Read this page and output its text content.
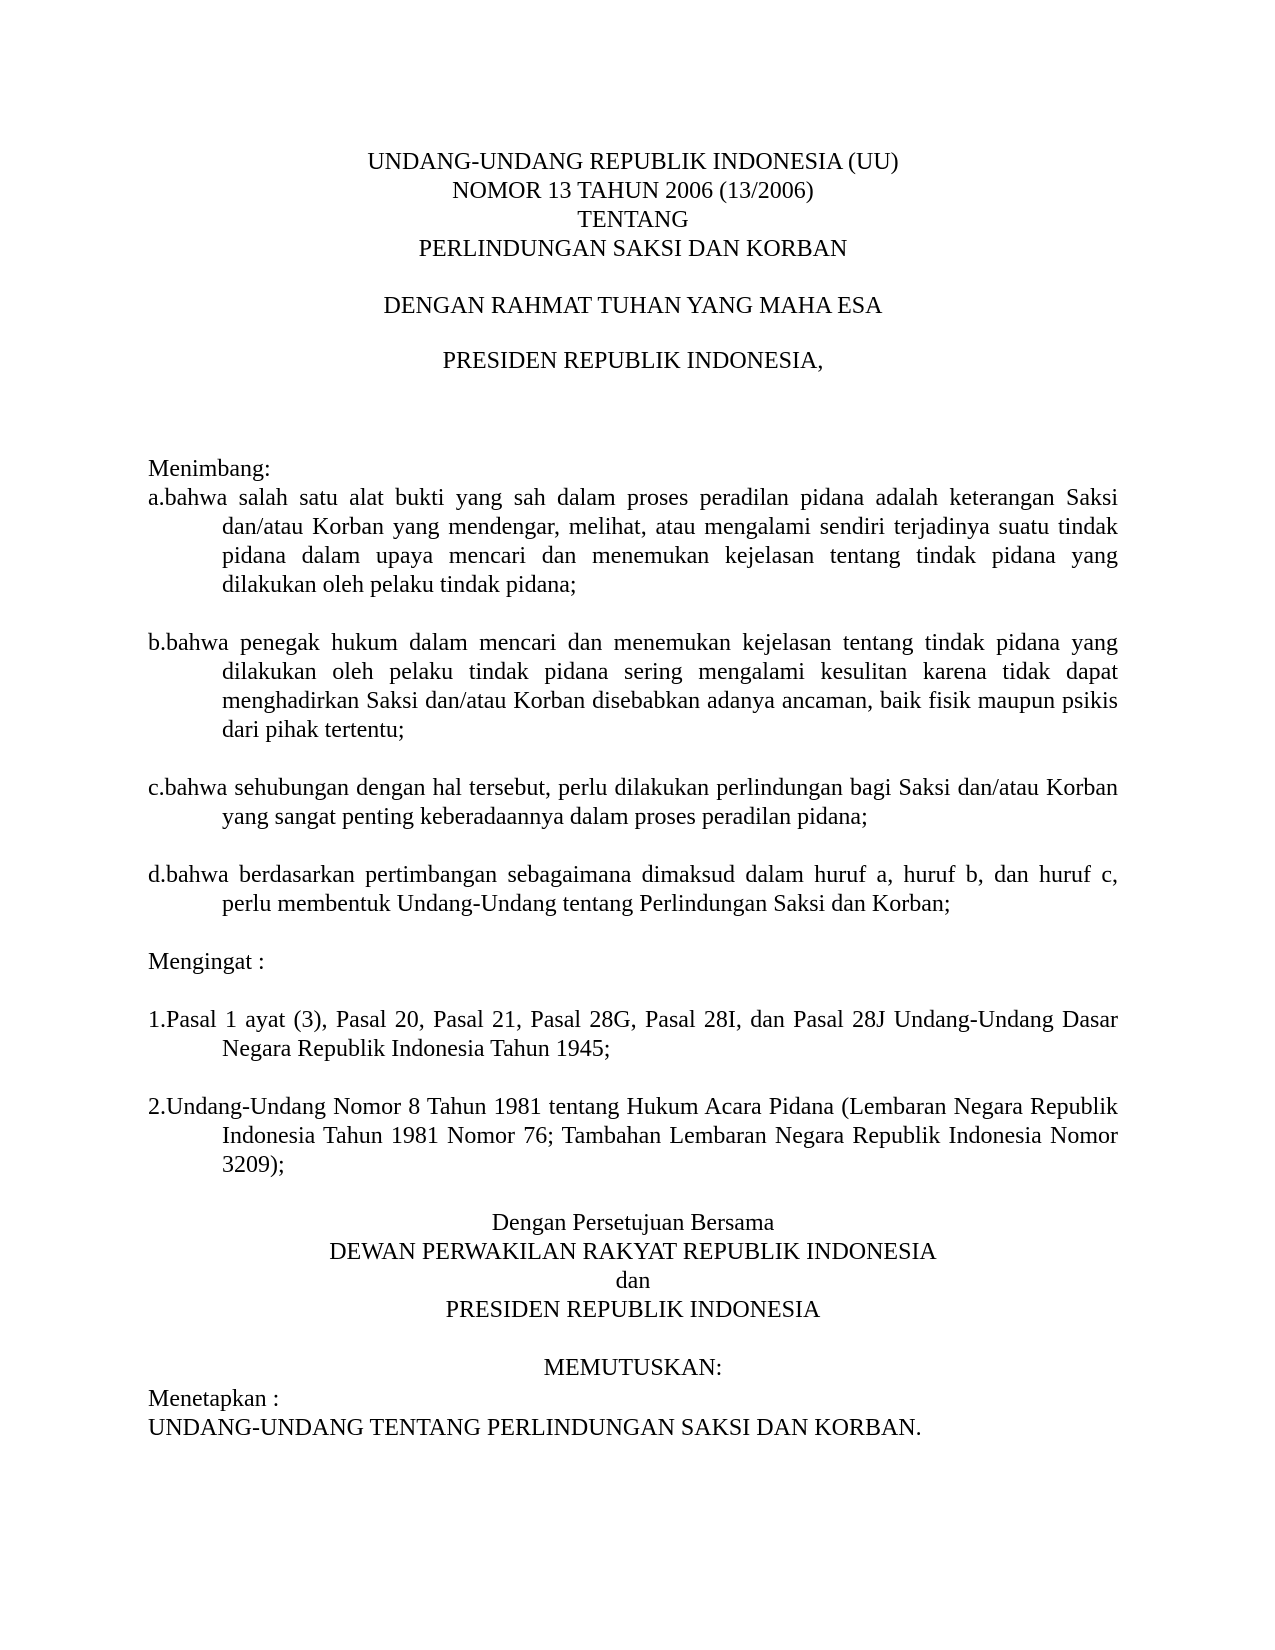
UNDANG-UNDANG REPUBLIK INDONESIA (UU)
NOMOR 13 TAHUN 2006 (13/2006)
TENTANG
PERLINDUNGAN SAKSI DAN KORBAN

DENGAN RAHMAT TUHAN YANG MAHA ESA

PRESIDEN REPUBLIK INDONESIA,

Menimbang:

a.bahwa salah satu alat bukti yang sah dalam proses peradilan pidana adalah keterangan Saksi dan/atau Korban yang mendengar, melihat, atau mengalami sendiri terjadinya suatu tindak pidana dalam upaya mencari dan menemukan kejelasan tentang tindak pidana yang dilakukan oleh pelaku tindak pidana;

b.bahwa penegak hukum dalam mencari dan menemukan kejelasan tentang tindak pidana yang dilakukan oleh pelaku tindak pidana sering mengalami kesulitan karena tidak dapat menghadirkan Saksi dan/atau Korban disebabkan adanya ancaman, baik fisik maupun psikis dari pihak tertentu;

c.bahwa sehubungan dengan hal tersebut, perlu dilakukan perlindungan bagi Saksi dan/atau Korban yang sangat penting keberadaannya dalam proses peradilan pidana;

d.bahwa berdasarkan pertimbangan sebagaimana dimaksud dalam huruf a, huruf b, dan huruf c, perlu membentuk Undang-Undang tentang Perlindungan Saksi dan Korban;

Mengingat :

1.Pasal 1 ayat (3), Pasal 20, Pasal 21, Pasal 28G, Pasal 28I, dan Pasal 28J Undang-Undang Dasar Negara Republik Indonesia Tahun 1945;

2.Undang-Undang Nomor 8 Tahun 1981 tentang Hukum Acara Pidana (Lembaran Negara Republik Indonesia Tahun 1981 Nomor 76; Tambahan Lembaran Negara Republik Indonesia Nomor 3209);

Dengan Persetujuan Bersama
DEWAN PERWAKILAN RAKYAT REPUBLIK INDONESIA
dan
PRESIDEN REPUBLIK INDONESIA

MEMUTUSKAN:

Menetapkan :

UNDANG-UNDANG TENTANG PERLINDUNGAN SAKSI DAN KORBAN.
